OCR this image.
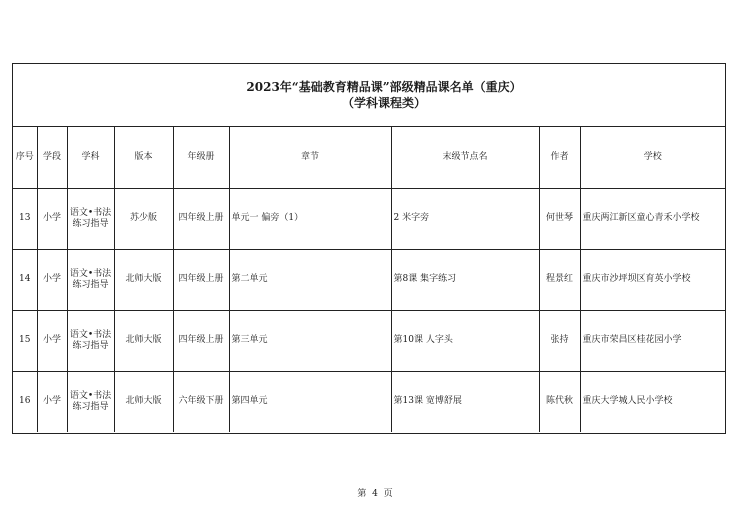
2023年“基础教育精品课”部级精品课名单（重庆）
（学科课程类）
序号	学段	学科	版本	年级册	章节	末级节点名	作者	学校
13	小学	语文•书法练习指导	苏少版	四年级上册	单元一 偏旁（1）	2 米字旁	何世琴	重庆两江新区童心青禾小学校
14	小学	语文•书法练习指导	北师大版	四年级上册	第二单元	第8课 集字练习	程景红	重庆市沙坪坝区育英小学校
15	小学	语文•书法练习指导	北师大版	四年级上册	第三单元	第10课 人字头	张持	重庆市荣昌区桂花园小学
16	小学	语文•书法练习指导	北师大版	六年级下册	第四单元	第13课 宽博舒展	陈代秋	重庆大学城人民小学校
第  4  页
